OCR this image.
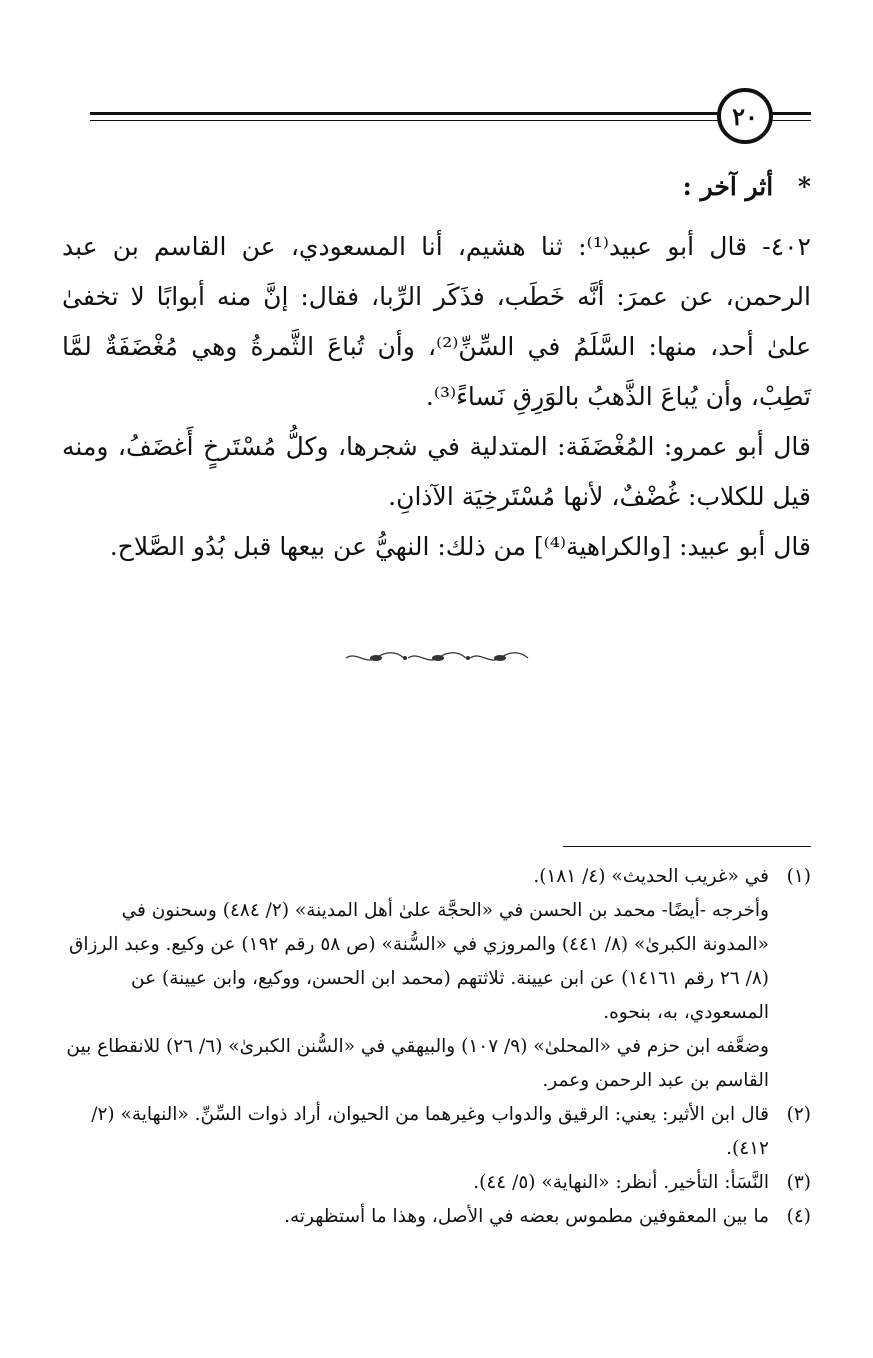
٢٠
* أثر آخر :

٤٠٢- قال أبو عبيد⁽¹⁾: ثنا هشيم، أنا المسعودي، عن القاسم بن عبد الرحمن، عن عمرَ: أنَّه خَطَب، فذَكَر الرِّبا، فقال: إنَّ منه أبوابًا لا تخفىٰ علىٰ أحد، منها: السَّلَمُ في السِّنِّ⁽²⁾، وأن تُباعَ الثَّمرةُ وهي مُغْضَفَةٌ لمَّا تَطِبْ، وأن يُباعَ الذَّهبُ بالوَرِقِ نَساءً⁽³⁾.

قال أبو عمرو: المُغْضَفَة: المتدلية في شجرها، وكلُّ مُسْتَرخٍ أَغضَفُ، ومنه قيل للكلاب: غُضْفٌ، لأنها مُسْتَرخِيَة الآذانِ.

قال أبو عبيد: [والكراهية⁽⁴⁾] من ذلك: النهيُّ عن بيعها قبل بُدُو الصَّلاح.

(١)
في «غريب الحديث» (٤/ ١٨١).
وأخرجه -أيضًا- محمد بن الحسن في «الحجَّة علىٰ أهل المدينة» (٢/ ٤٨٤) وسحنون في «المدونة الكبرىٰ» (٨/ ٤٤١) والمروزي في «السُّنة» (ص ٥٨ رقم ١٩٢) عن وكيع. وعبد الرزاق (٨/ ٢٦ رقم ١٤١٦١) عن ابن عيينة. ثلاثتهم (محمد ابن الحسن، ووكيع، وابن عيينة) عن المسعودي، به، بنحوه.
وضعَّفه ابن حزم في «المحلىٰ» (٩/ ١٠٧) والبيهقي في «السُّنن الكبرىٰ» (٦/ ٢٦) للانقطاع بين القاسم بن عبد الرحمن وعمر.
(٢)
قال ابن الأثير: يعني: الرقيق والدواب وغيرهما من الحيوان، أراد ذوات السِّنِّ. «النهاية» (٢/ ٤١٢).
(٣)
النَّسَأ: التأخير. أنظر: «النهاية» (٥/ ٤٤).
(٤)
ما بين المعقوفين مطموس بعضه في الأصل، وهذا ما أستظهرته.
